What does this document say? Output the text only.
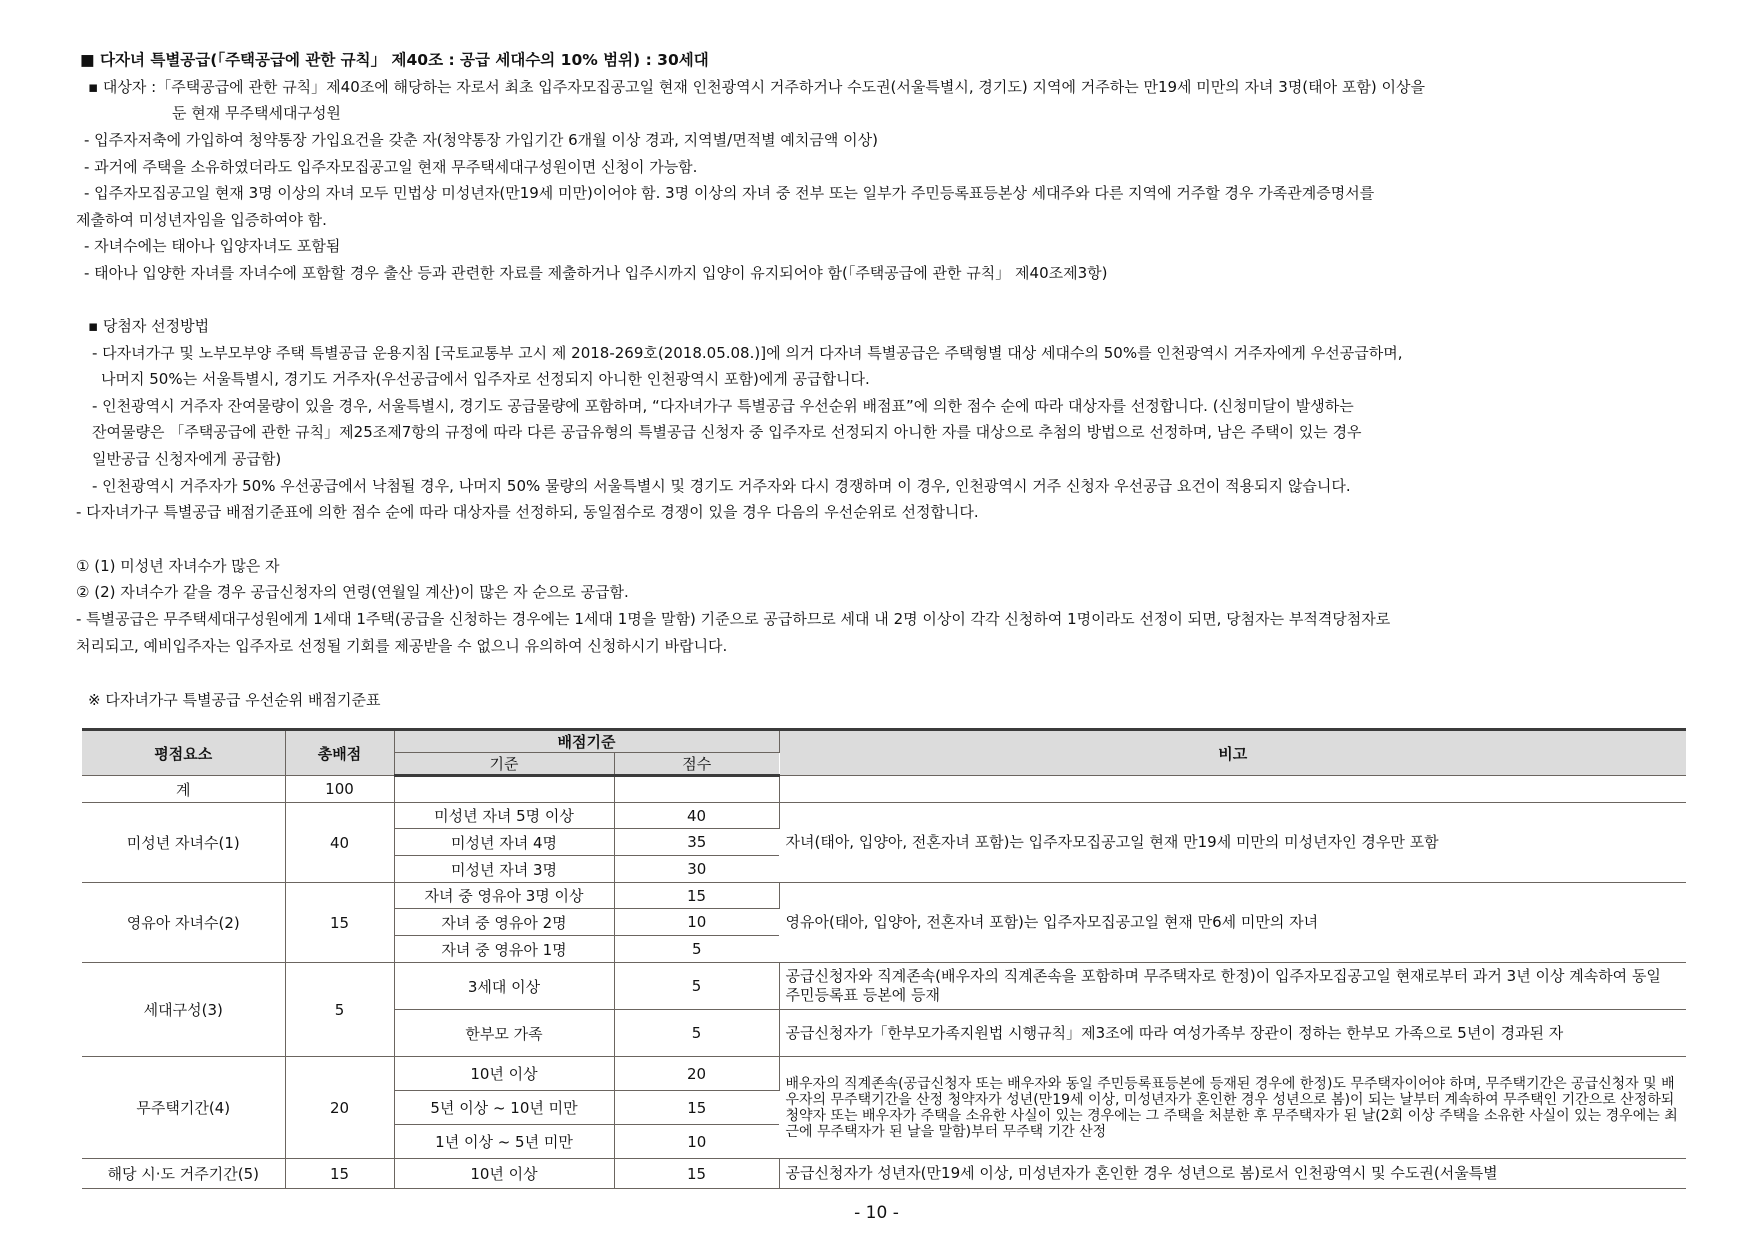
■ 다자녀 특별공급(「주택공급에 관한 규칙」 제40조 : 공급 세대수의 10% 범위) : 30세대
▪ 대상자 :「주택공급에 관한 규칙」제40조에 해당하는 자로서 최초 입주자모집공고일 현재 인천광역시 거주하거나 수도권(서울특별시, 경기도) 지역에 거주하는 만19세 미만의 자녀 3명(태아 포함) 이상을
둔 현재 무주택세대구성원
- 입주자저축에 가입하여 청약통장 가입요건을 갖춘 자(청약통장 가입기간 6개월 이상 경과, 지역별/면적별 예치금액 이상)
- 과거에 주택을 소유하였더라도 입주자모집공고일 현재 무주택세대구성원이면 신청이 가능함.
- 입주자모집공고일 현재 3명 이상의 자녀 모두 민법상 미성년자(만19세 미만)이어야 함. 3명 이상의 자녀 중 전부 또는 일부가 주민등록표등본상 세대주와 다른 지역에 거주할 경우 가족관계증명서를
제출하여 미성년자임을 입증하여야 함.
- 자녀수에는 태아나 입양자녀도 포함됨
- 태아나 입양한 자녀를 자녀수에 포함할 경우 출산 등과 관련한 자료를 제출하거나 입주시까지 입양이 유지되어야 함(「주택공급에 관한 규칙」 제40조제3항)
▪ 당첨자 선정방법
- 다자녀가구 및 노부모부양 주택 특별공급 운용지침 [국토교통부 고시 제 2018-269호(2018.05.08.)]에 의거 다자녀 특별공급은 주택형별 대상 세대수의 50%를 인천광역시 거주자에게 우선공급하며,
나머지 50%는 서울특별시, 경기도 거주자(우선공급에서 입주자로 선정되지 아니한 인천광역시 포함)에게 공급합니다.
- 인천광역시 거주자 잔여물량이 있을 경우, 서울특별시, 경기도 공급물량에 포함하며, “다자녀가구 특별공급 우선순위 배점표”에 의한 점수 순에 따라 대상자를 선정합니다. (신청미달이 발생하는
잔여물량은 「주택공급에 관한 규칙」제25조제7항의 규정에 따라 다른 공급유형의 특별공급 신청자 중 입주자로 선정되지 아니한 자를 대상으로 추첨의 방법으로 선정하며, 남은 주택이 있는 경우
일반공급 신청자에게 공급함)
- 인천광역시 거주자가 50% 우선공급에서 낙첨될 경우, 나머지 50% 물량의 서울특별시 및 경기도 거주자와 다시 경쟁하며 이 경우, 인천광역시 거주 신청자 우선공급 요건이 적용되지 않습니다.
- 다자녀가구 특별공급 배점기준표에 의한 점수 순에 따라 대상자를 선정하되, 동일점수로 경쟁이 있을 경우 다음의 우선순위로 선정합니다.
① (1) 미성년 자녀수가 많은 자
② (2) 자녀수가 같을 경우 공급신청자의 연령(연월일 계산)이 많은 자 순으로 공급함.
- 특별공급은 무주택세대구성원에게 1세대 1주택(공급을 신청하는 경우에는 1세대 1명을 말함) 기준으로 공급하므로 세대 내 2명 이상이 각각 신청하여 1명이라도 선정이 되면, 당첨자는 부적격당첨자로
처리되고, 예비입주자는 입주자로 선정될 기회를 제공받을 수 없으니 유의하여 신청하시기 바랍니다.
※ 다자녀가구 특별공급 우선순위 배점기준표
평점요소	총배점	배점기준		비고
		기준	점수	
계	100			
미성년 자녀수(1)	40	미성년 자녀 5명 이상	40	자녀(태아, 입양아, 전혼자녀 포함)는 입주자모집공고일 현재 만19세 미만의 미성년자인 경우만 포함
		미성년 자녀 4명	35	
		미성년 자녀 3명	30	
영유아 자녀수(2)	15	자녀 중 영유아 3명 이상	15	영유아(태아, 입양아, 전혼자녀 포함)는 입주자모집공고일 현재 만6세 미만의 자녀
		자녀 중 영유아 2명	10	
		자녀 중 영유아 1명	5	
세대구성(3)	5	3세대 이상	5	공급신청자와 직계존속(배우자의 직계존속을 포함하며 무주택자로 한정)이 입주자모집공고일 현재로부터 과거 3년 이상 계속하여 동일 주민등록표 등본에 등재
		한부모 가족	5	공급신청자가「한부모가족지원법 시행규칙」제3조에 따라 여성가족부 장관이 정하는 한부모 가족으로 5년이 경과된 자
무주택기간(4)	20	10년 이상	20	배우자의 직계존속(공급신청자 또는 배우자와 동일 주민등록표등본에 등재된 경우에 한정)도 무주택자이어야 하며, 무주택기간은 공급신청자 및 배우자의 무주택기간을 산정 청약자가 성년(만19세 이상, 미성년자가 혼인한 경우 성년으로 봄)이 되는 날부터 계속하여 무주택인 기간으로 산정하되 청약자 또는 배우자가 주택을 소유한 사실이 있는 경우에는 그 주택을 처분한 후 무주택자가 된 날(2회 이상 주택을 소유한 사실이 있는 경우에는 최근에 무주택자가 된 날을 말함)부터 무주택 기간 산정
		5년 이상 ~ 10년 미만	15	
		1년 이상 ~ 5년 미만	10	
해당 시·도 거주기간(5)	15	10년 이상	15	공급신청자가 성년자(만19세 이상, 미성년자가 혼인한 경우 성년으로 봄)로서 인천광역시 및 수도권(서울특별
- 10 -
